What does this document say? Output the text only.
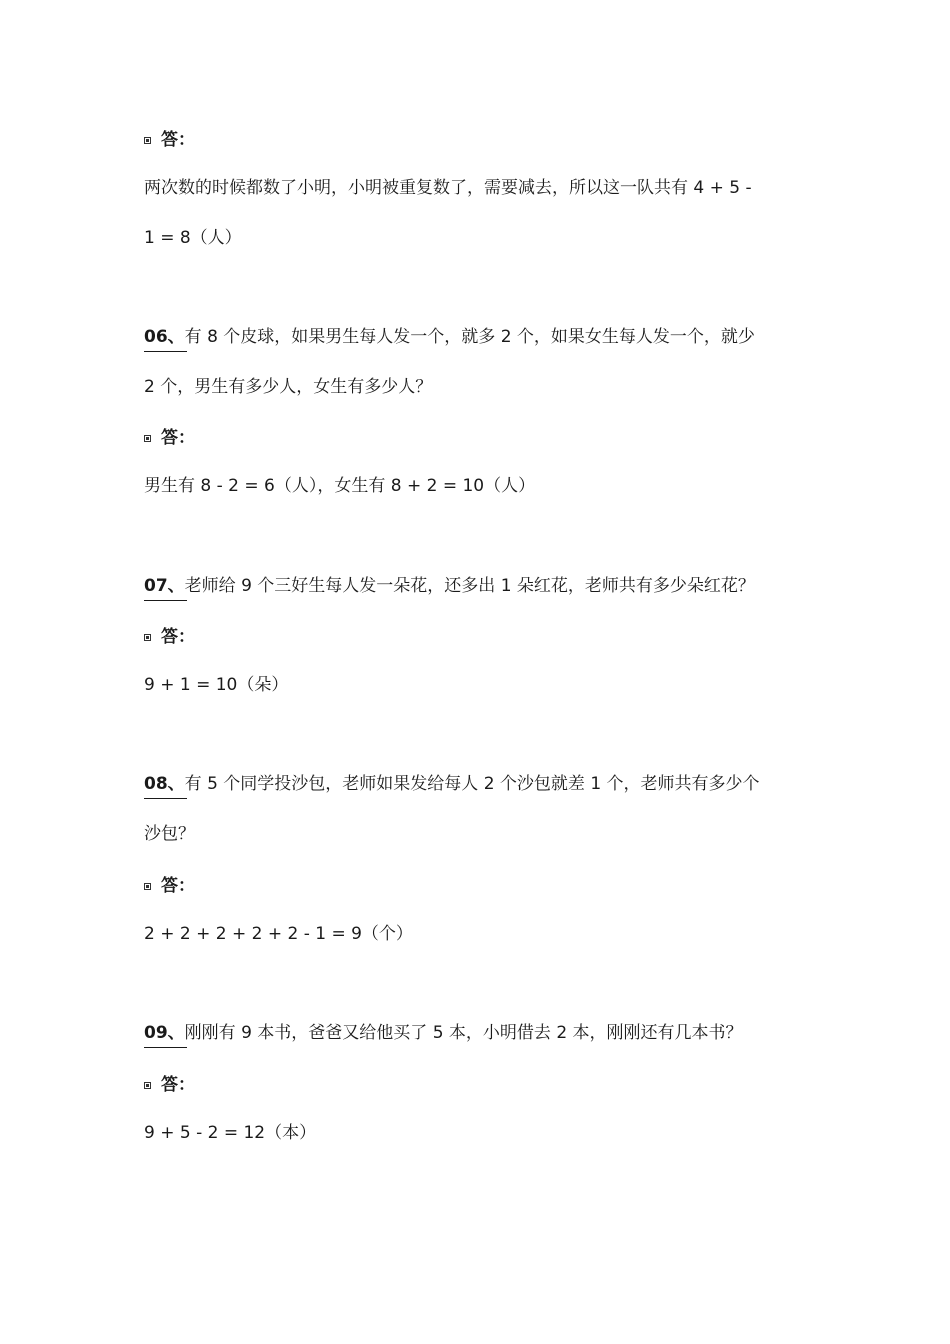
答：
两次数的时候都数了小明，小明被重复数了，需要减去，所以这一队共有 4 + 5 -
1 = 8（人）
06、有 8 个皮球，如果男生每人发一个，就多 2 个，如果女生每人发一个，就少
2 个，男生有多少人，女生有多少人？
答：
男生有 8 - 2 = 6（人），女生有 8 + 2 = 10（人）
07、老师给 9 个三好生每人发一朵花，还多出 1 朵红花，老师共有多少朵红花？
答：
9 + 1 = 10（朵）
08、有 5 个同学投沙包，老师如果发给每人 2 个沙包就差 1 个，老师共有多少个
沙包？
答：
2 + 2 + 2 + 2 + 2 - 1 = 9（个）
09、刚刚有 9 本书，爸爸又给他买了 5 本，小明借去 2 本，刚刚还有几本书？
答：
9 + 5 - 2 = 12（本）
